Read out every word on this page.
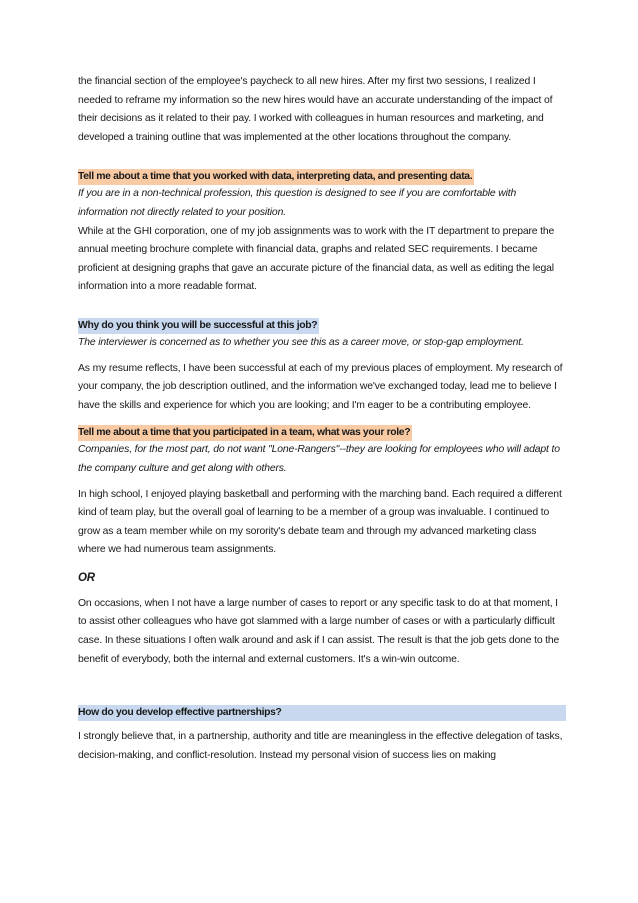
the financial section of the employee's paycheck to all new hires. After my first two sessions, I realized I needed to reframe my information so the new hires would have an accurate understanding of the impact of their decisions as it related to their pay. I worked with colleagues in human resources and marketing, and developed a training outline that was implemented at the other locations throughout the company.

Tell me about a time that you worked with data, interpreting data, and presenting data.

If you are in a non-technical profession, this question is designed to see if you are comfortable with information not directly related to your position.

While at the GHI corporation, one of my job assignments was to work with the IT department to prepare the annual meeting brochure complete with financial data, graphs and related SEC requirements. I became proficient at designing graphs that gave an accurate picture of the financial data, as well as editing the legal information into a more readable format.

Why do you think you will be successful at this job?

The interviewer is concerned as to whether you see this as a career move, or stop-gap employment.

As my resume reflects, I have been successful at each of my previous places of employment. My research of your company, the job description outlined, and the information we've exchanged today, lead me to believe I have the skills and experience for which you are looking; and I'm eager to be a contributing employee.

Tell me about a time that you participated in a team, what was your role?

Companies, for the most part, do not want "Lone-Rangers"--they are looking for employees who will adapt to the company culture and get along with others.

In high school, I enjoyed playing basketball and performing with the marching band. Each required a different kind of team play, but the overall goal of learning to be a member of a group was invaluable. I continued to grow as a team member while on my sorority's debate team and through my advanced marketing class where we had numerous team assignments.

OR

On occasions, when I not have a large number of cases to report or any specific task to do at that moment, I to assist other colleagues who have got slammed with a large number of cases or with a particularly difficult case. In these situations I often walk around and ask if I can assist. The result is that the job gets done to the benefit of everybody, both the internal and external customers. It's a win-win outcome.

How do you develop effective partnerships?

I strongly believe that, in a partnership, authority and title are meaningless in the effective delegation of tasks, decision-making, and conflict-resolution. Instead my personal vision of success lies on making
